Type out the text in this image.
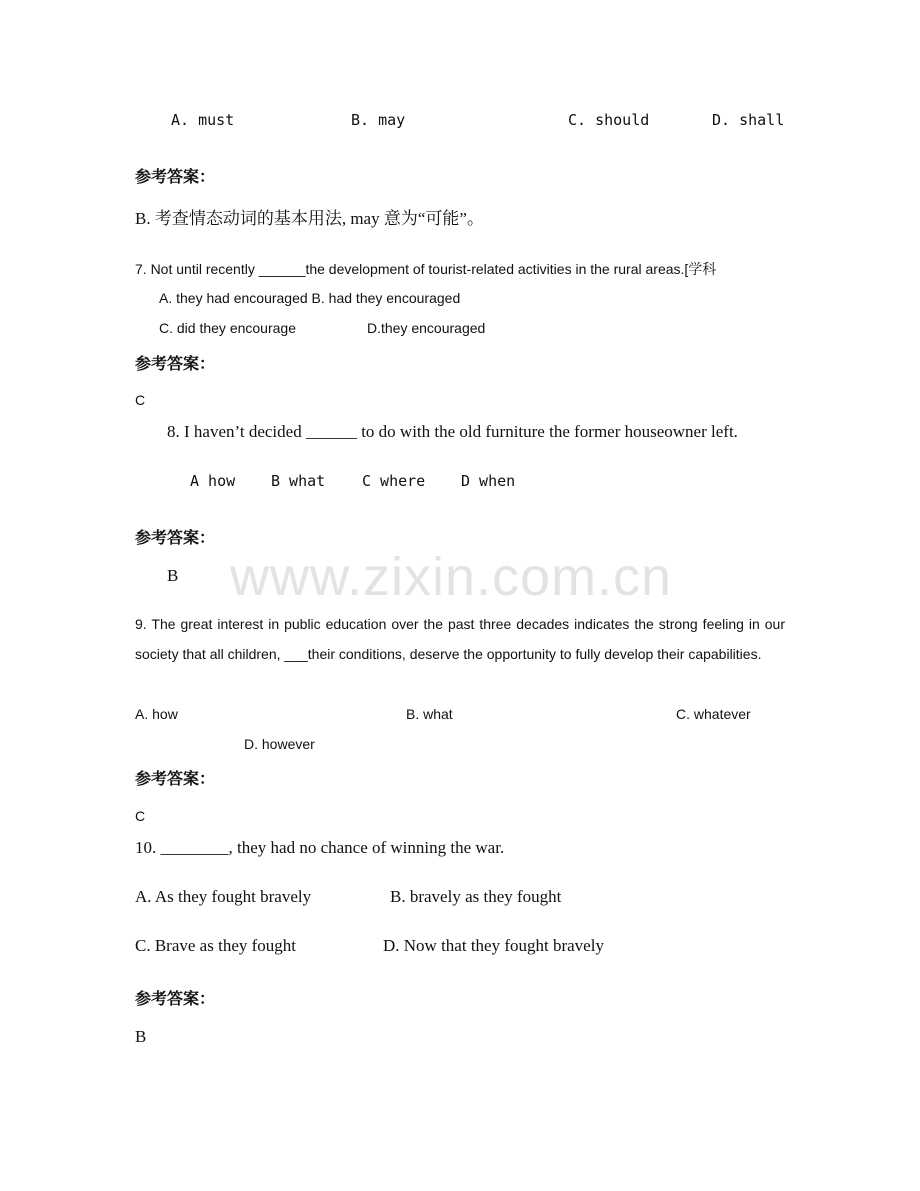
www.zixin.com.cn
A. must	B. may	C. should	D. shall
参考答案：
B. 考查情态动词的基本用法, may 意为“可能”。
7. Not until recently ______the development of tourist-related activities in the rural areas.[学科
A. they had encouraged B. had they encouraged
C. did they encourage	D.they encouraged
参考答案：
C
8. I haven’t decided ______ to do with the old furniture the former houseowner left.
A how B what C where D when
参考答案：
B
9. The great interest in public education over the past three decades indicates the strong feeling in our society that all children, ___their conditions, deserve the opportunity to fully develop their capabilities.
A. how	B. what	C. whatever
D. however
参考答案：
C
10. ________, they had no chance of winning the war.
A. As they fought bravely	B. bravely as they fought
C. Brave as they fought	D. Now that they fought bravely
参考答案：
B
